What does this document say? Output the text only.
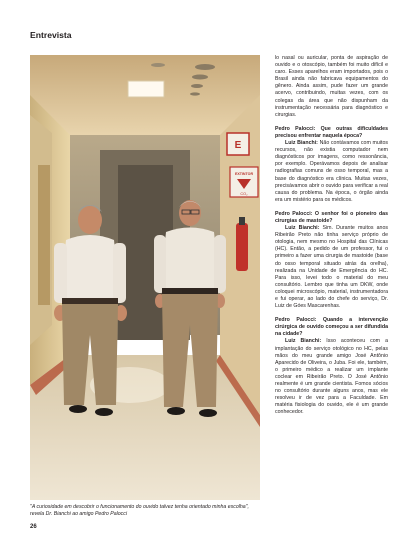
Entrevista
E
EXTINTOR
CO₂
"A curiosidade em descobrir o funcionamento do ouvido talvez tenha orientado minha escolha", revela Dr. Bianchi ao amigo Pedro Palocci
26

lo nasal ou auricular, ponta de aspiração de ouvido e o otoscópio, também foi muito difícil e caro. Esses aparelhos eram importados, pois o Brasil ainda não fabricava equipamentos do gênero. Ainda assim, pude fazer um grande acervo, contribuindo, muitas vezes, com os colegas da área que não dispunham da instrumentação necessária para diagnóstico e cirurgias.

Pedro Palocci: Que outras dificuldades precisou enfrentar naquela época?

Luiz Bianchi: Não contávamos com muitos recursos, não existia computador nem diagnósticos por imagens, como ressonância, por exemplo. Operávamos depois de analisar radiografias comuns de osso temporal, mas a base do diagnóstico era clínica. Muitas vezes, precisávamos abrir o ouvido para verificar a real causa do problema. Na época, o órgão ainda era um mistério para os médicos.

Pedro Palocci: O senhor foi o pioneiro das cirurgias de mastoide?

Luiz Bianchi: Sim. Durante muitos anos Ribeirão Preto não tinha serviço próprio de otologia, nem mesmo no Hospital das Clínicas (HC). Então, a pedido de um professor, fui o primeiro a fazer uma cirurgia de mastoide (base do osso temporal situado atrás da orelha), realizada na Unidade de Emergência do HC. Para isso, levei todo o material do meu consultório. Lembro que tinha um DKW, onde coloquei microscópio, material, instrumentadora e fui operar, ao lado do chefe do serviço, Dr. Luiz de Góes Mascarenhas.

Pedro Palocci: Quando a intervenção cirúrgica de ouvido começou a ser difundida na cidade?

Luiz Bianchi: Isso aconteceu com a implantação do serviço otológico no HC, pelas mãos do meu grande amigo José Antônio Aparecido de Oliveira, o Juba. Foi ele, também, o primeiro médico a realizar um implante coclear em Ribeirão Preto. O José Antônio realmente é um grande cientista. Fomos sócios no consultório durante alguns anos, mas ele resolveu ir de vez para a Faculdade. Em matéria fisiologia do ouvido, ele é um grande conhecedor.
